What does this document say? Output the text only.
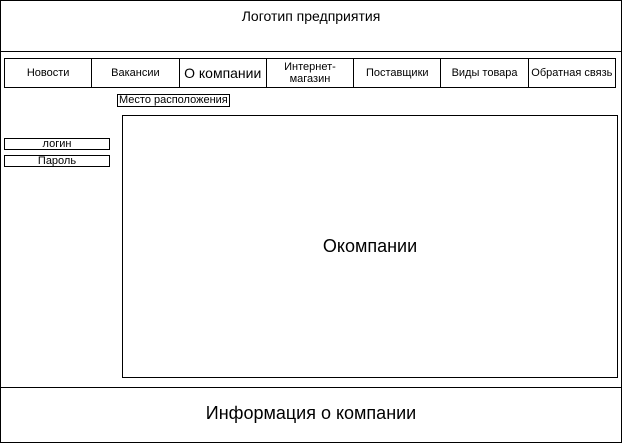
Логотип предприятия
Новости	Вакансии	О компании	Интернет-
магазин	Поставщики	Виды товара	Обратная связь
Место расположения
логин
Пароль
Окомпании
Информация о компании
